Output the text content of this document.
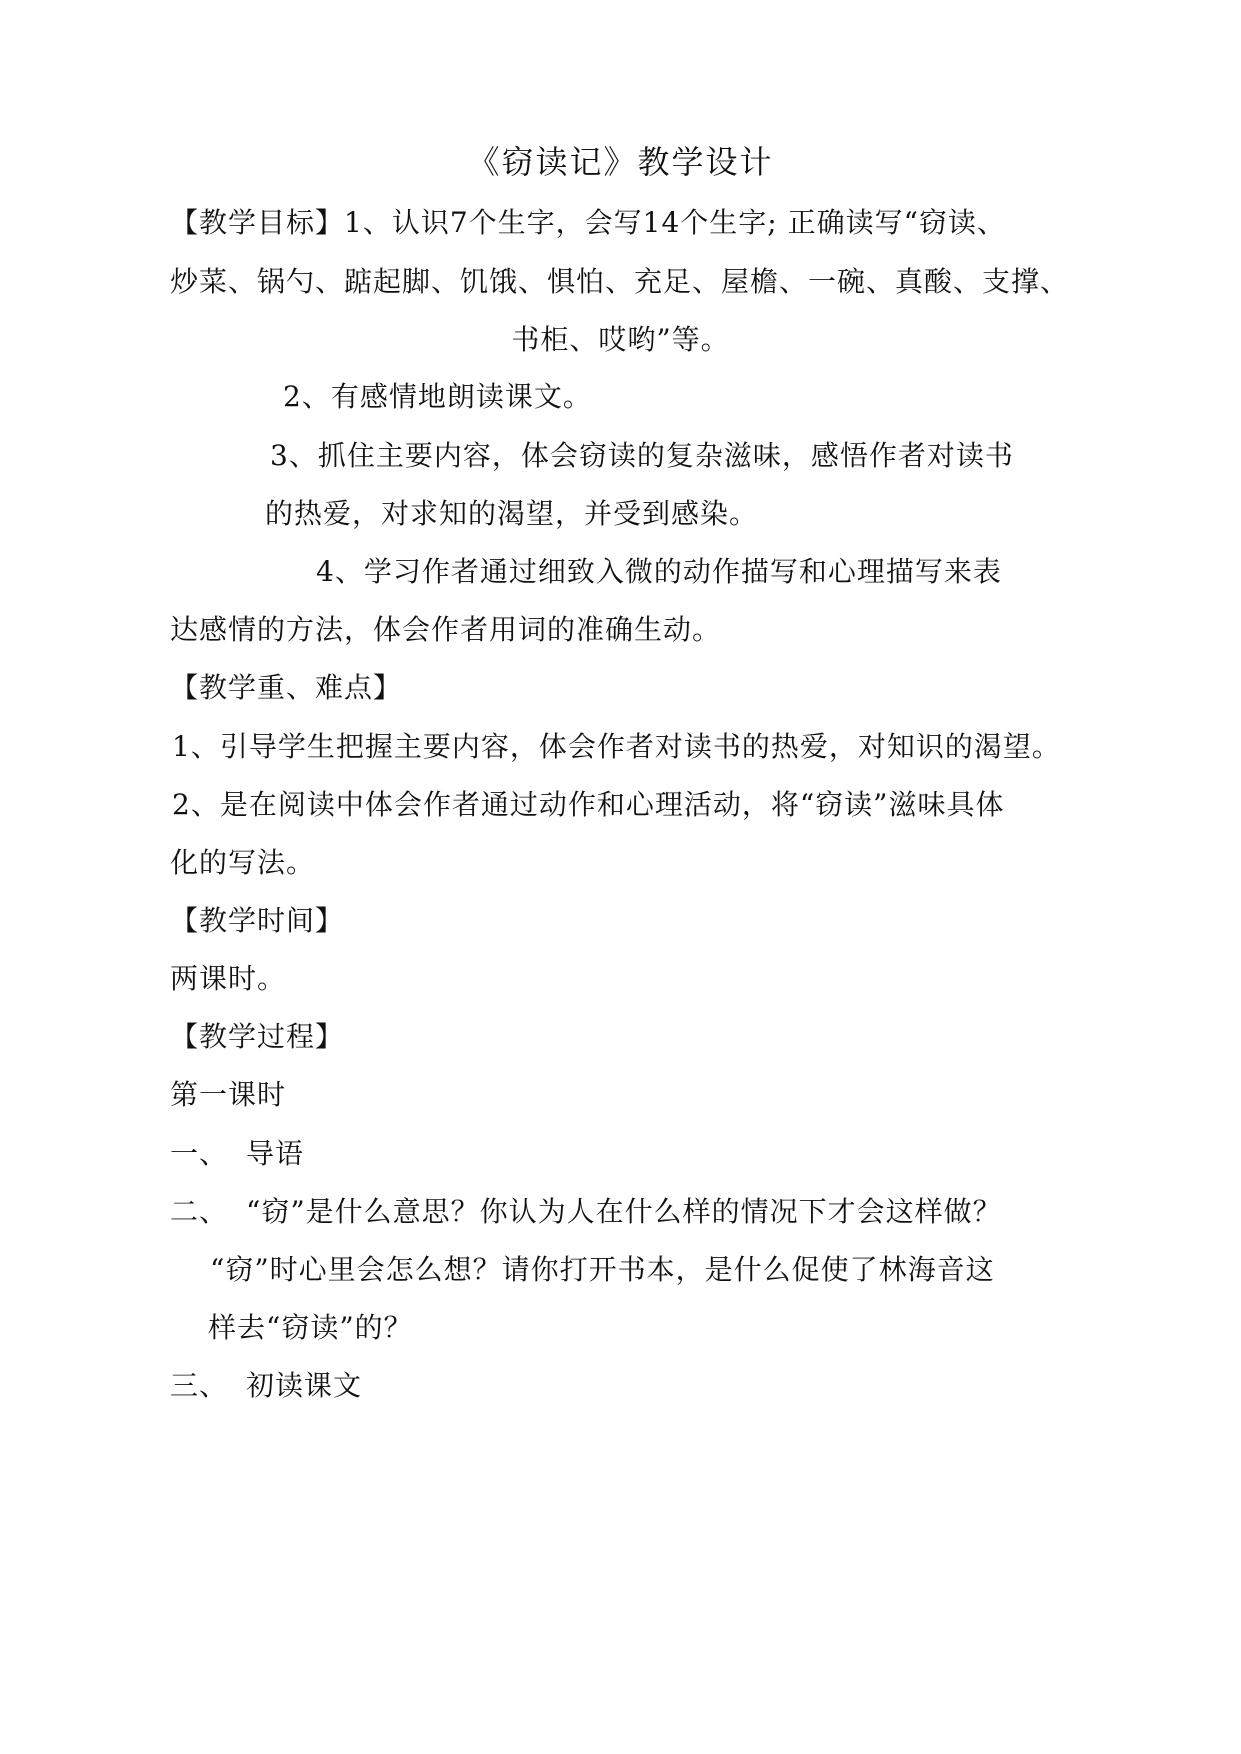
《窃读记》教学设计
【教学目标】1、认识7个生字，会写14个生字; 正确读写“窃读、
炒菜、锅勺、踮起脚、饥饿、惧怕、充足、屋檐、一碗、真酸、支撑、
书柜、哎哟”等。
2、有感情地朗读课文。
3、抓住主要内容，体会窃读的复杂滋味，感悟作者对读书
的热爱，对求知的渴望，并受到感染。
4、学习作者通过细致入微的动作描写和心理描写来表
达感情的方法，体会作者用词的准确生动。
【教学重、难点】
1、引导学生把握主要内容，体会作者对读书的热爱，对知识的渴望。
2、是在阅读中体会作者通过动作和心理活动，将“窃读”滋味具体
化的写法。
【教学时间】
两课时。
【教学过程】
第一课时
一、 导语
二、 “窃”是什么意思？你认为人在什么样的情况下才会这样做？
“窃”时心里会怎么想？请你打开书本，是什么促使了林海音这
样去“窃读”的？
三、 初读课文
